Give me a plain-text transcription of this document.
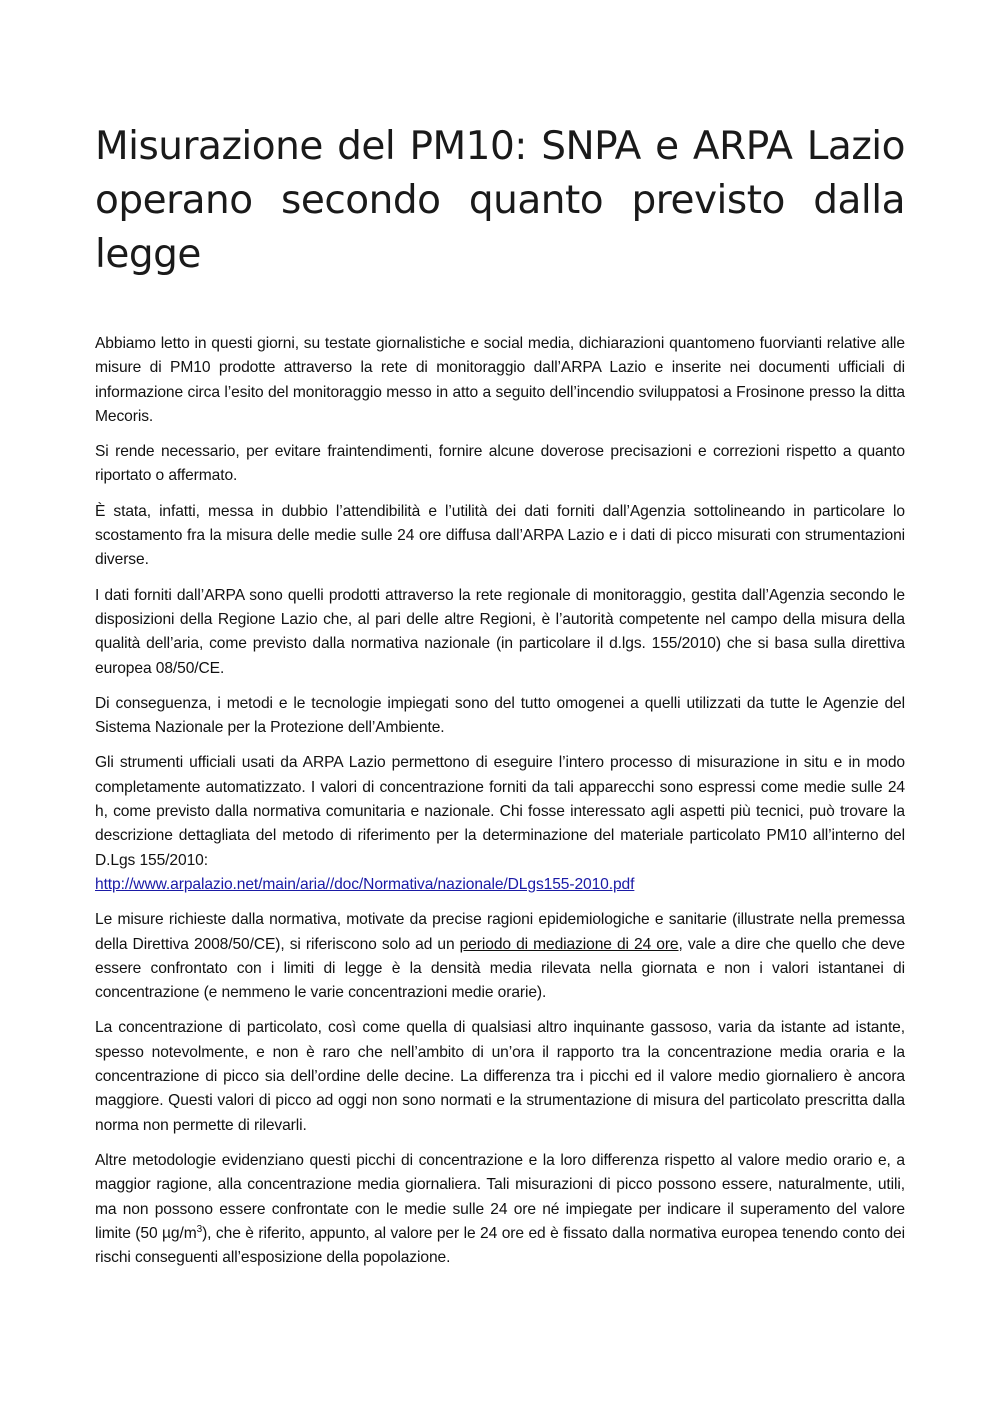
Misurazione del PM10: SNPA e ARPA Lazio operano secondo quanto previsto dalla legge

Abbiamo letto in questi giorni, su testate giornalistiche e social media, dichiarazioni quantomeno fuorvianti relative alle misure di PM10 prodotte attraverso la rete di monitoraggio dall’ARPA Lazio e inserite nei documenti ufficiali di informazione circa l’esito del monitoraggio messo in atto a seguito dell’incendio sviluppatosi a Frosinone presso la ditta Mecoris.

Si rende necessario, per evitare fraintendimenti, fornire alcune doverose precisazioni e correzioni rispetto a quanto riportato o affermato.

È stata, infatti, messa in dubbio l’attendibilità e l’utilità dei dati forniti dall’Agenzia sottolineando in particolare lo scostamento fra la misura delle medie sulle 24 ore diffusa dall’ARPA Lazio e i dati di picco misurati con strumentazioni diverse.

I dati forniti dall’ARPA sono quelli prodotti attraverso la rete regionale di monitoraggio, gestita dall’Agenzia secondo le disposizioni della Regione Lazio che, al pari delle altre Regioni, è l’autorità competente nel campo della misura della qualità dell’aria, come previsto dalla normativa nazionale (in particolare il d.lgs. 155/2010) che si basa sulla direttiva europea 08/50/CE.

Di conseguenza, i metodi e le tecnologie impiegati sono del tutto omogenei a quelli utilizzati da tutte le Agenzie del Sistema Nazionale per la Protezione dell’Ambiente.

Gli strumenti ufficiali usati da ARPA Lazio permettono di eseguire l’intero processo di misurazione in situ e in modo completamente automatizzato. I valori di concentrazione forniti da tali apparecchi sono espressi come medie sulle 24 h, come previsto dalla normativa comunitaria e nazionale. Chi fosse interessato agli aspetti più tecnici, può trovare la descrizione dettagliata del metodo di riferimento per la determinazione del materiale particolato PM10 all’interno del D.Lgs 155/2010:
http://www.arpalazio.net/main/aria//doc/Normativa/nazionale/DLgs155-2010.pdf

Le misure richieste dalla normativa, motivate da precise ragioni epidemiologiche e sanitarie (illustrate nella premessa della Direttiva 2008/50/CE), si riferiscono solo ad un periodo di mediazione di 24 ore, vale a dire che quello che deve essere confrontato con i limiti di legge è la densità media rilevata nella giornata e non i valori istantanei di concentrazione (e nemmeno le varie concentrazioni medie orarie).

La concentrazione di particolato, così come quella di qualsiasi altro inquinante gassoso, varia da istante ad istante, spesso notevolmente, e non è raro che nell’ambito di un’ora il rapporto tra la concentrazione media oraria e la concentrazione di picco sia dell’ordine delle decine. La differenza tra i picchi ed il valore medio giornaliero è ancora maggiore. Questi valori di picco ad oggi non sono normati e la strumentazione di misura del particolato prescritta dalla norma non permette di rilevarli.

Altre metodologie evidenziano questi picchi di concentrazione e la loro differenza rispetto al valore medio orario e, a maggior ragione, alla concentrazione media giornaliera. Tali misurazioni di picco possono essere, naturalmente, utili, ma non possono essere confrontate con le medie sulle 24 ore né impiegate per indicare il superamento del valore limite (50 $\mu g/m^3$), che è riferito, appunto, al valore per le 24 ore ed è fissato dalla normativa europea tenendo conto dei rischi conseguenti all’esposizione della popolazione.
